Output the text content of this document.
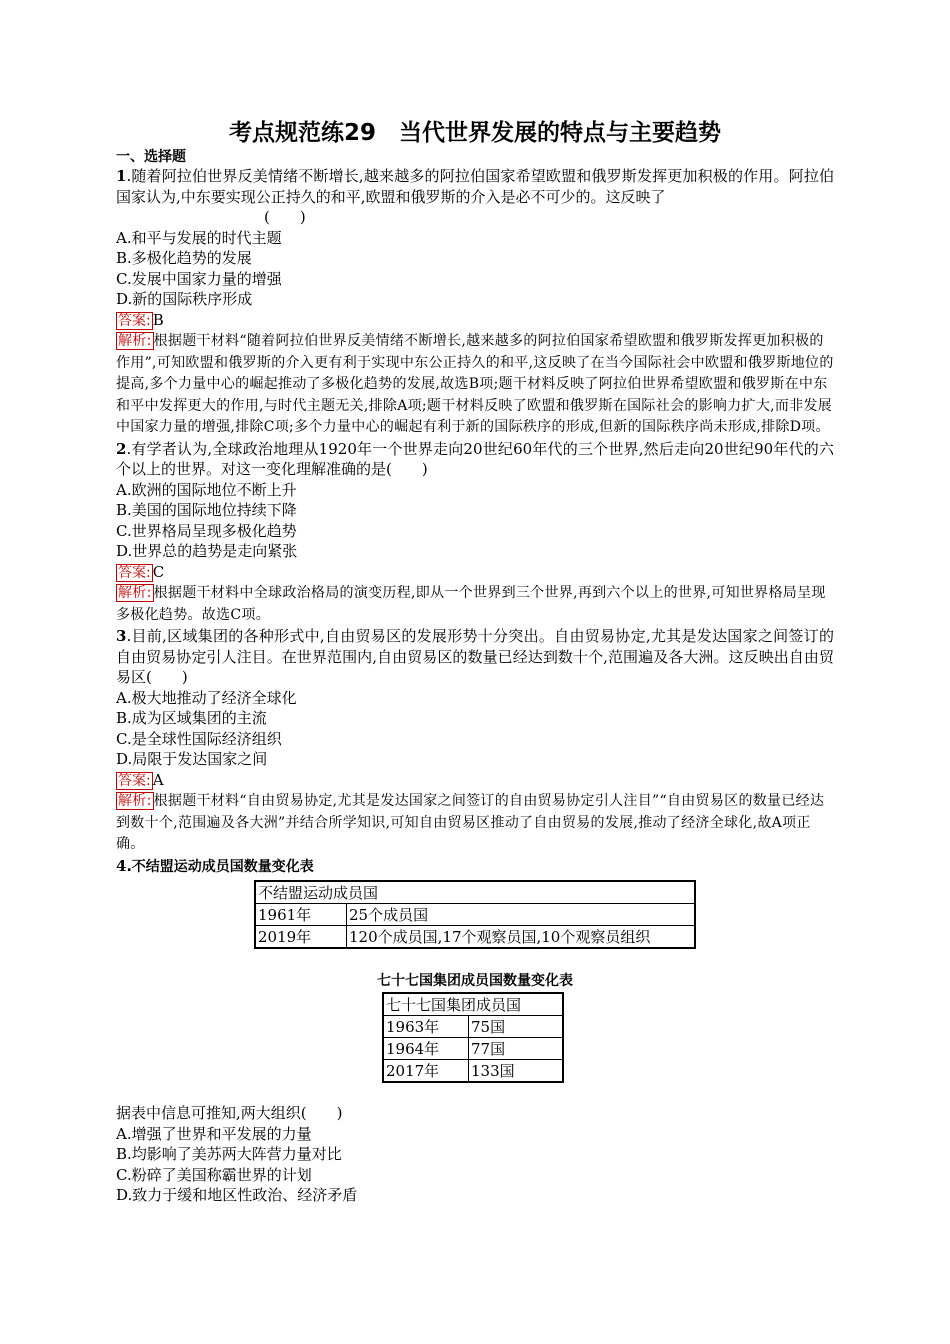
考点规范练29　当代世界发展的特点与主要趋势
一、选择题
1.随着阿拉伯世界反美情绪不断增长,越来越多的阿拉伯国家希望欧盟和俄罗斯发挥更加积极的作用。阿拉伯国家认为,中东要实现公正持久的和平,欧盟和俄罗斯的介入是必不可少的。这反映了
(　　)
A.和平与发展的时代主题
B.多极化趋势的发展
C.发展中国家力量的增强
D.新的国际秩序形成
答案: B
解析: 根据题干材料“随着阿拉伯世界反美情绪不断增长,越来越多的阿拉伯国家希望欧盟和俄罗斯发挥更加积极的作用”,可知欧盟和俄罗斯的介入更有利于实现中东公正持久的和平,这反映了在当今国际社会中欧盟和俄罗斯地位的提高,多个力量中心的崛起推动了多极化趋势的发展,故选B项;题干材料反映了阿拉伯世界希望欧盟和俄罗斯在中东和平中发挥更大的作用,与时代主题无关,排除A项;题干材料反映了欧盟和俄罗斯在国际社会的影响力扩大,而非发展中国家力量的增强,排除C项;多个力量中心的崛起有利于新的国际秩序的形成,但新的国际秩序尚未形成,排除D项。
2.有学者认为,全球政治地理从1920年一个世界走向20世纪60年代的三个世界,然后走向20世纪90年代的六个以上的世界。对这一变化理解准确的是(　　)
A.欧洲的国际地位不断上升
B.美国的国际地位持续下降
C.世界格局呈现多极化趋势
D.世界总的趋势是走向紧张
答案: C
解析: 根据题干材料中全球政治格局的演变历程,即从一个世界到三个世界,再到六个以上的世界,可知世界格局呈现多极化趋势。故选C项。
3.目前,区域集团的各种形式中,自由贸易区的发展形势十分突出。自由贸易协定,尤其是发达国家之间签订的自由贸易协定引人注目。在世界范围内,自由贸易区的数量已经达到数十个,范围遍及各大洲。这反映出自由贸易区(　　)
A.极大地推动了经济全球化
B.成为区域集团的主流
C.是全球性国际经济组织
D.局限于发达国家之间
答案: A
解析: 根据题干材料“自由贸易协定,尤其是发达国家之间签订的自由贸易协定引人注目”“自由贸易区的数量已经达到数十个,范围遍及各大洲”并结合所学知识,可知自由贸易区推动了自由贸易的发展,推动了经济全球化,故A项正确。
4.不结盟运动成员国数量变化表
不结盟运动成员国	
1961年	25个成员国
2019年	120个成员国,17个观察员国,10个观察员组织
七十七国集团成员国数量变化表
七十七国集团成员国	
1963年	75国
1964年	77国
2017年	133国
据表中信息可推知,两大组织(　　)
A.增强了世界和平发展的力量
B.均影响了美苏两大阵营力量对比
C.粉碎了美国称霸世界的计划
D.致力于缓和地区性政治、经济矛盾
